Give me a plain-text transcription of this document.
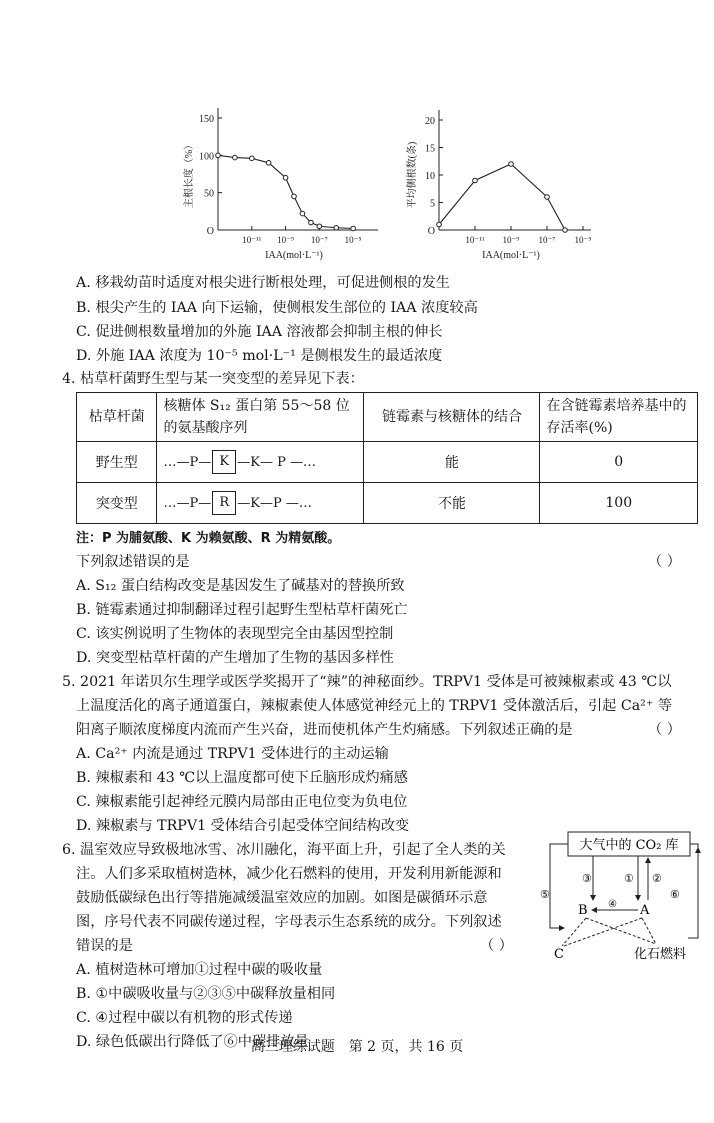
O
50
100
150
10⁻¹¹ 10⁻⁹ 10⁻⁷ 10⁻⁵
IAA(mol·L⁻¹)
主根长度（%）
O
5
10
15
20
10⁻¹¹ 10⁻⁹ 10⁻⁷ 10⁻⁵
IAA(mol·L⁻¹)
平均侧根数(条)
A. 移栽幼苗时适度对根尖进行断根处理，可促进侧根的发生
B. 根尖产生的 IAA 向下运输，使侧根发生部位的 IAA 浓度较高
C. 促进侧根数量增加的外施 IAA 溶液都会抑制主根的伸长
D. 外施 IAA 浓度为 10⁻⁵ mol·L⁻¹ 是侧根发生的最适浓度
4. 枯草杆菌野生型与某一突变型的差异见下表：
枯草杆菌	核糖体 S₁₂ 蛋白第 55～58 位的氨基酸序列	链霉素与核糖体的结合	在含链霉素培养基中的存活率(%)
野生型	…—P— K —K— P —…	能	0
突变型	…—P— R —K—P —…	不能	100
注：P 为脯氨酸、K 为赖氨酸、R 为精氨酸。
下列叙述错误的是	（ ）
A. S₁₂ 蛋白结构改变是基因发生了碱基对的替换所致
B. 链霉素通过抑制翻译过程引起野生型枯草杆菌死亡
C. 该实例说明了生物体的表现型完全由基因型控制
D. 突变型枯草杆菌的产生增加了生物的基因多样性
5. 2021 年诺贝尔生理学或医学奖揭开了“辣”的神秘面纱。TRPV1 受体是可被辣椒素或 43 ℃以
上温度活化的离子通道蛋白，辣椒素使人体感觉神经元上的 TRPV1 受体激活后，引起 Ca²⁺ 等
阳离子顺浓度梯度内流而产生兴奋，进而使机体产生灼痛感。下列叙述正确的是	（ ）
A. Ca²⁺ 内流是通过 TRPV1 受体进行的主动运输
B. 辣椒素和 43 ℃以上温度都可使下丘脑形成灼痛感
C. 辣椒素能引起神经元膜内局部由正电位变为负电位
D. 辣椒素与 TRPV1 受体结合引起受体空间结构改变
6. 温室效应导致极地冰雪、冰川融化，海平面上升，引起了全人类的关
注。人们多采取植树造林，减少化石燃料的使用，开发利用新能源和
鼓励低碳绿色出行等措施减缓温室效应的加剧。如图是碳循环示意
图，序号代表不同碳传递过程，字母表示生态系统的成分。下列叙述
错误的是	（ ）
A. 植树造林可增加①过程中碳的吸收量
B. ①中碳吸收量与②③⑤中碳释放量相同
C. ④过程中碳以有机物的形式传递
D. 绿色低碳出行降低了⑥中碳排放量
大气中的 CO₂ 库
⑤	⑥
③	① ②
B	A
④
C	化石燃料
高三理综试题　第 2 页，共 16 页
